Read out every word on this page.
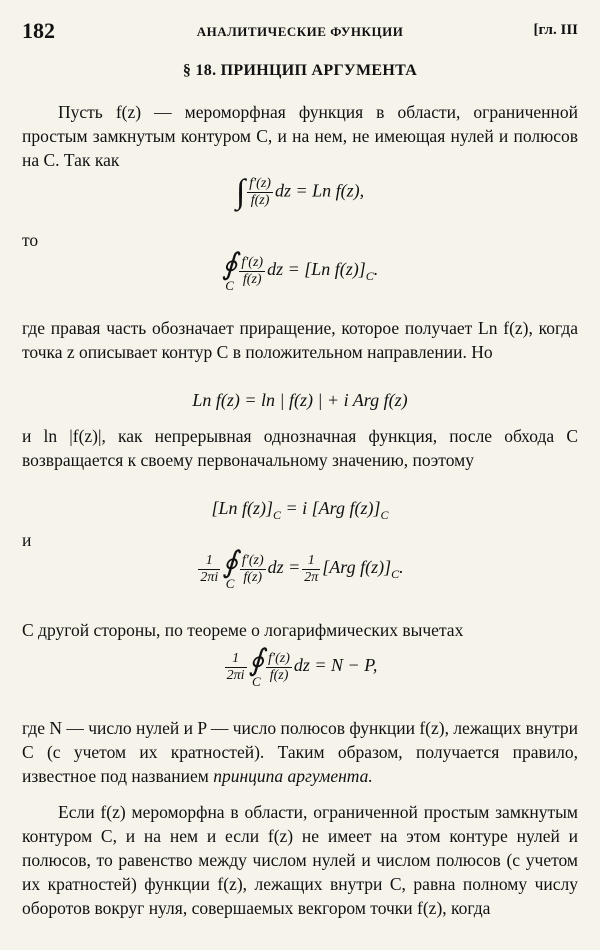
182	АНАЛИТИЧЕСКИЕ ФУНКЦИИ	[гл. III
§ 18. ПРИНЦИП АРГУМЕНТА
Пусть f(z) — мероморфная функция в области, ограниченной простым замкнутым контуром C, и на нем, не имеющая нулей и полюсов на C. Так как
∫ $\frac{f'(z)}{f(z)}$ dz = Ln f(z),
то
∮
C $\frac{f'(z)}{f(z)}$ dz = [Ln $f(z)]_C$.
где правая часть обозначает приращение, которое получает Ln f(z), когда точка z описывает контур C в положительном направлении. Но
Ln f(z) = ln | f(z) | + i Arg f(z)
и ln |f(z)|, как непрерывная однозначная функция, после обхода C возвращается к своему первоначальному значению, поэтому
[Ln $f(z)]_C = i$ [Arg $f(z)]_C$
и
$\frac{1}{2\pi i}$ ∮
C $\frac{f'(z)}{f(z)}$ dz = $\frac{1}{2\pi} [Arg$ $f(z)]_C$.
С другой стороны, по теореме о логарифмических вычетах
$\frac{1}{2\pi i}$ ∮
C $\frac{f'(z)}{f(z)}$ dz = N − P,
где N — число нулей и P — число полюсов функции f(z), лежащих внутри C (с учетом их кратностей). Таким образом, получается правило, известное под названием принципа аргумента.
Если f(z) мероморфна в области, ограниченной простым замкнутым контуром C, и на нем и если f(z) не имеет на этом контуре нулей и полюсов, то равенство между числом нулей и числом полюсов (с учетом их кратностей) функции f(z), лежащих внутри C, равна полному числу оборотов вокруг нуля, совершаемых векгором точки f(z), когда
